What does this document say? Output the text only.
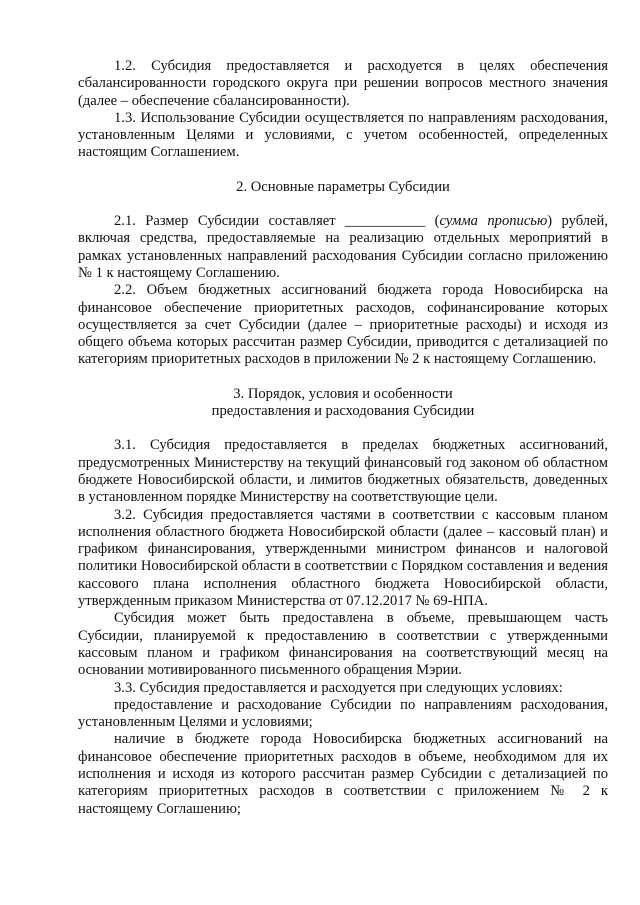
1.2. Субсидия предоставляется и расходуется в целях обеспечения сбалансированности городского округа при решении вопросов местного значения (далее – обеспечение сбалансированности).

1.3. Использование Субсидии осуществляется по направлениям расходования, установленным Целями и условиями, с учетом особенностей, определенных настоящим Соглашением.

2. Основные параметры Субсидии

2.1. Размер Субсидии составляет ___________ (сумма прописью) рублей, включая средства, предоставляемые на реализацию отдельных мероприятий в рамках установленных направлений расходования Субсидии согласно приложению № 1 к настоящему Соглашению.

2.2. Объем бюджетных ассигнований бюджета города Новосибирска на финансовое обеспечение приоритетных расходов, софинансирование которых осуществляется за счет Субсидии (далее – приоритетные расходы) и исходя из общего объема которых рассчитан размер Субсидии, приводится с детализацией по категориям приоритетных расходов в приложении № 2 к настоящему Соглашению.

3. Порядок, условия и особенности

предоставления и расходования Субсидии

3.1. Субсидия предоставляется в пределах бюджетных ассигнований, предусмотренных Министерству на текущий финансовый год законом об областном бюджете Новосибирской области, и лимитов бюджетных обязательств, доведенных в установленном порядке Министерству на соответствующие цели.

3.2. Субсидия предоставляется частями в соответствии с кассовым планом исполнения областного бюджета Новосибирской области (далее – кассовый план) и графиком финансирования, утвержденными министром финансов и налоговой политики Новосибирской области в соответствии с Порядком составления и ведения кассового плана исполнения областного бюджета Новосибирской области, утвержденным приказом Министерства от 07.12.2017 № 69-НПА.

Субсидия может быть предоставлена в объеме, превышающем часть Субсидии, планируемой к предоставлению в соответствии с утвержденными кассовым планом и графиком финансирования на соответствующий месяц на основании мотивированного письменного обращения Мэрии.

3.3. Субсидия предоставляется и расходуется при следующих условиях:

предоставление и расходование Субсидии по направлениям расходования, установленным Целями и условиями;

наличие в бюджете города Новосибирска бюджетных ассигнований на финансовое обеспечение приоритетных расходов в объеме, необходимом для их исполнения и исходя из которого рассчитан размер Субсидии с детализацией по категориям приоритетных расходов в соответствии с приложением № 2 к настоящему Соглашению;
